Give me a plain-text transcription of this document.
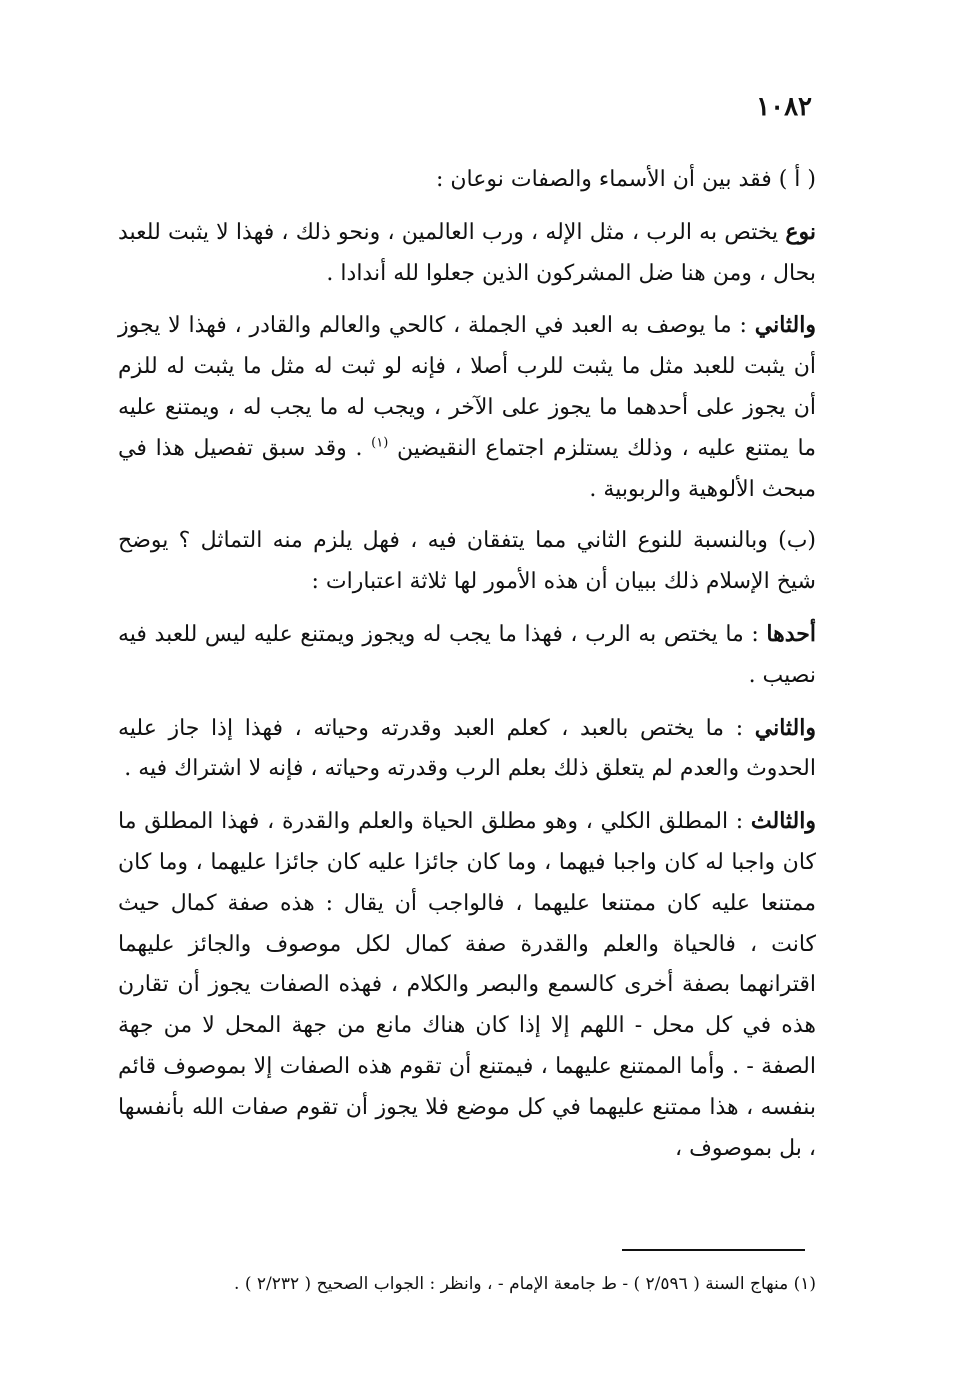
١٠٨٢

( أ ) فقد بين أن الأسماء والصفات نوعان :

نوع يختص به الرب ، مثل الإله ، ورب العالمين ، ونحو ذلك ، فهذا لا يثبت للعبد بحال ، ومن هنا ضل المشركون الذين جعلوا لله أندادا .

والثاني : ما يوصف به العبد في الجملة ، كالحي والعالم والقادر ، فهذا لا يجوز أن يثبت للعبد مثل ما يثبت للرب أصلا ، فإنه لو ثبت له مثل ما يثبت له للزم أن يجوز على أحدهما ما يجوز على الآخر ، ويجب له ما يجب له ، ويمتنع عليه ما يمتنع عليه ، وذلك يستلزم اجتماع النقيضين $^{(١)}$ . وقد سبق تفصيل هذا في مبحث الألوهية والربوبية .

(ب) وبالنسبة للنوع الثاني مما يتفقان فيه ، فهل يلزم منه التماثل ؟ يوضح شيخ الإسلام ذلك ببيان أن هذه الأمور لها ثلاثة اعتبارات :

أحدها : ما يختص به الرب ، فهذا ما يجب له ويجوز ويمتنع عليه ليس للعبد فيه نصيب .

والثاني : ما يختص بالعبد ، كعلم العبد وقدرته وحياته ، فهذا إذا جاز عليه الحدوث والعدم لم يتعلق ذلك بعلم الرب وقدرته وحياته ، فإنه لا اشتراك فيه .

والثالث : المطلق الكلي ، وهو مطلق الحياة والعلم والقدرة ، فهذا المطلق ما كان واجبا له كان واجبا فيهما ، وما كان جائزا عليه كان جائزا عليهما ، وما كان ممتنعا عليه كان ممتنعا عليهما ، فالواجب أن يقال : هذه صفة كمال حيث كانت ، فالحياة والعلم والقدرة صفة كمال لكل موصوف والجائز عليهما اقترانهما بصفة أخرى كالسمع والبصر والكلام ، فهذه الصفات يجوز أن تقارن هذه في كل محل - اللهم إلا إذا كان هناك مانع من جهة المحل لا من جهة الصفة - . وأما الممتنع عليهما ، فيمتنع أن تقوم هذه الصفات إلا بموصوف قائم بنفسه ، هذا ممتنع عليهما في كل موضع فلا يجوز أن تقوم صفات الله بأنفسها ، بل بموصوف ،

(١) منهاج السنة ( ٢/٥٩٦ ) - ط جامعة الإمام - ، وانظر : الجواب الصحيح ( ٢/٢٣٢ ) .
